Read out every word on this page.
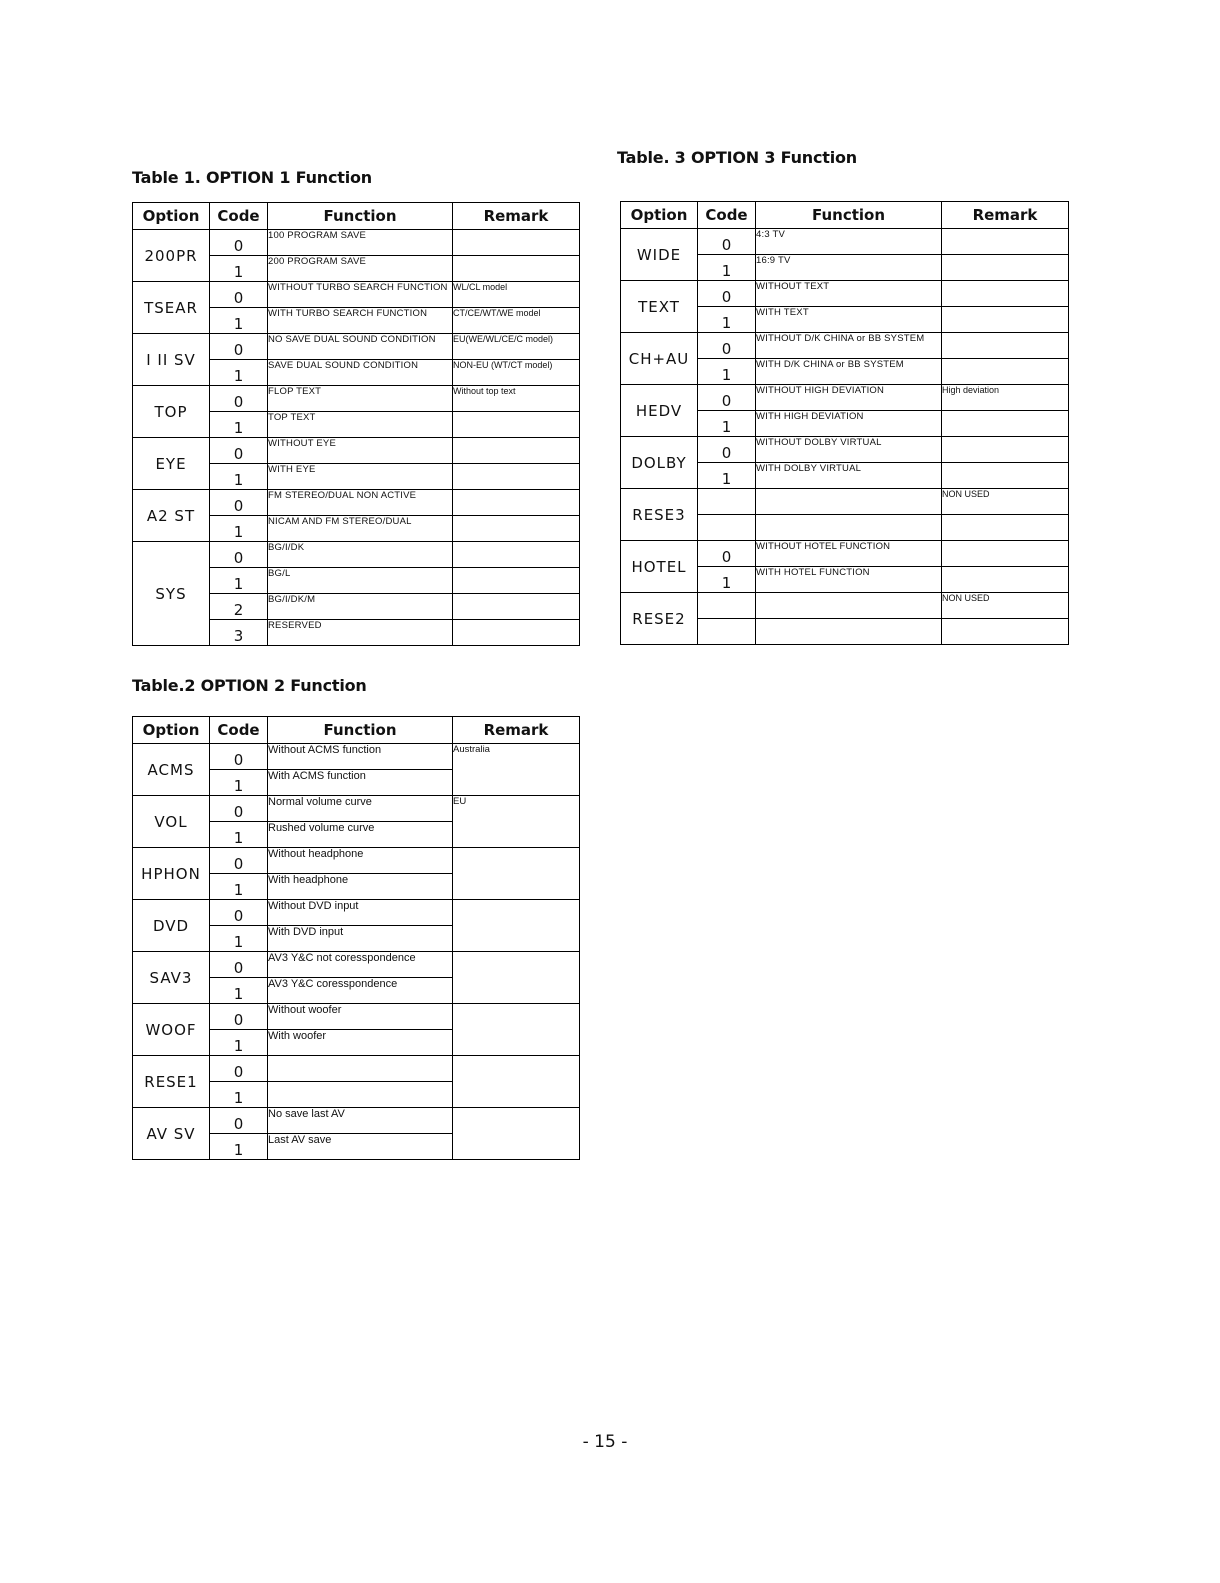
Table 1. OPTION 1 Function
Option	Code	Function	Remark
200PR	0	100 PROGRAM SAVE	
	1	200 PROGRAM SAVE	
TSEAR	0	WITHOUT TURBO SEARCH FUNCTION	WL/CL model
	1	WITH TURBO SEARCH FUNCTION	CT/CE/WT/WE model
I II SV	0	NO SAVE DUAL SOUND CONDITION	EU(WE/WL/CE/C model)
	1	SAVE DUAL SOUND CONDITION	NON-EU (WT/CT model)
TOP	0	FLOP TEXT	Without top text
	1	TOP TEXT	
EYE	0	WITHOUT EYE	
	1	WITH EYE	
A2 ST	0	FM STEREO/DUAL NON ACTIVE	
	1	NICAM AND FM STEREO/DUAL	
SYS	0	BG/I/DK	
	1	BG/L	
	2	BG/I/DK/M	
	3	RESERVED	
Table.2 OPTION 2 Function
Option	Code	Function	Remark
ACMS	0	Without ACMS function	Australia
	1	With ACMS function	
VOL	0	Normal volume curve	EU
	1	Rushed volume curve	
HPHON	0	Without headphone	
	1	With headphone	
DVD	0	Without DVD input	
	1	With DVD input	
SAV3	0	AV3 Y&C not coresspondence	
	1	AV3 Y&C coresspondence	
WOOF	0	Without woofer	
	1	With woofer	
RESE1	0		
	1		
AV SV	0	No save last AV	
	1	Last AV save	
Table. 3 OPTION 3 Function
Option	Code	Function	Remark
WIDE	0	4:3 TV	
	1	16:9 TV	
TEXT	0	WITHOUT TEXT	
	1	WITH TEXT	
CH+AU	0	WITHOUT D/K CHINA or BB SYSTEM	
	1	WITH D/K CHINA or BB SYSTEM	
HEDV	0	WITHOUT HIGH DEVIATION	High deviation
	1	WITH HIGH DEVIATION	
DOLBY	0	WITHOUT DOLBY VIRTUAL	
	1	WITH DOLBY VIRTUAL	
RESE3			NON USED

HOTEL	0	WITHOUT HOTEL FUNCTION	
	1	WITH HOTEL FUNCTION	
RESE2			NON USED

- 15 -
